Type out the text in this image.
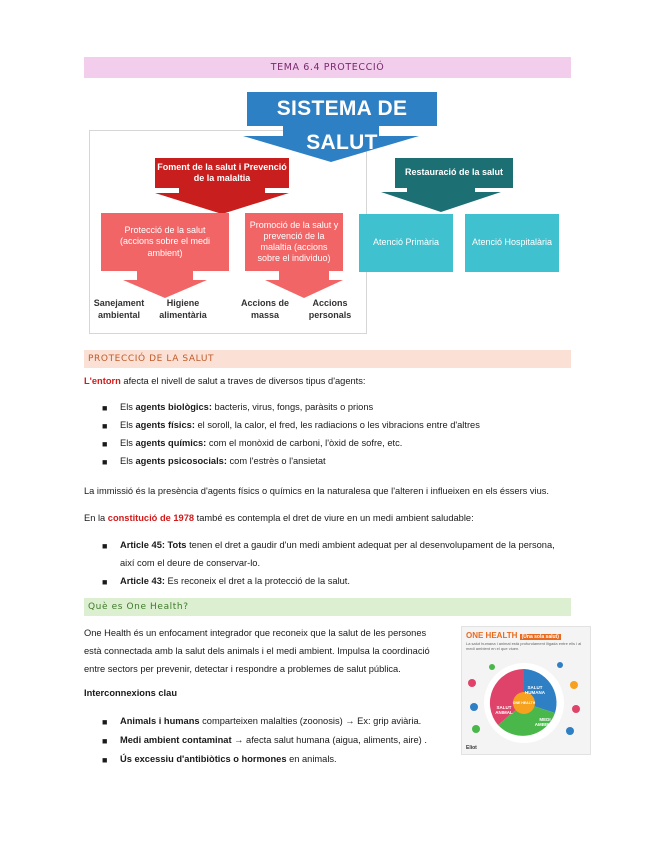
TEMA 6.4 PROTECCIÓ
SISTEMA DE SALUT
Foment de la salut i Prevenció de la malaltia
Restauració de la salut
Protecció de la salut (accions sobre el medi ambient)
Promoció de la salut y prevenció de la malaltia (accions sobre el individuo)
Atenció Primària	Atenció Hospitalària
Sanejament ambiental
Higiene alimentària
Accions de massa
Accions personals
PROTECCIÓ DE LA SALUT
L'entorn afecta el nivell de salut a traves de diversos tipus d'agents:
■ Els agents biològics: bacteris, virus, fongs, paràsits o prions
■ Els agents físics: el soroll, la calor, el fred, les radiacions o les vibracions entre d'altres
■ Els agents químics: com el monòxid de carboni, l'òxid de sofre, etc.
■ Els agents psicosocials: com l'estrès o l'ansietat
La immissió és la presència d'agents físics o químics en la naturalesa que l'alteren i influeixen en els éssers vius.
En la constitució de 1978 també es contempla el dret de viure en un medi ambient saludable:
■ Article 45: Tots tenen el dret a gaudir d'un medi ambient adequat per al desenvolupament de la persona,
així com el deure de conservar-lo.
■ Article 43: Es reconeix el dret a la protecció de la salut.
Què es One Health?
One Health és un enfocament integrador que reconeix que la salut de les persones
està connectada amb la salut dels animals i el medi ambient. Impulsa la coordinació
entre sectors per prevenir, detectar i respondre a problemes de salut pública.
Interconnexions clau
■ Animals i humans comparteixen malalties (zoonosis) → Ex: grip aviària.
■ Medi ambient contaminat → afecta salut humana (aigua, aliments, aire) .
■ Ús excessiu d'antibiòtics o hormones en animals.
ONE HEALTH (Una sola salut)
La salut humana i animal està profundament lligada entre ells i al medi ambient en el que viuen.
SALUT HUMANA
SALUT ANIMAL
MEDI AMBIENT
ONE HEALTH
Eliot
